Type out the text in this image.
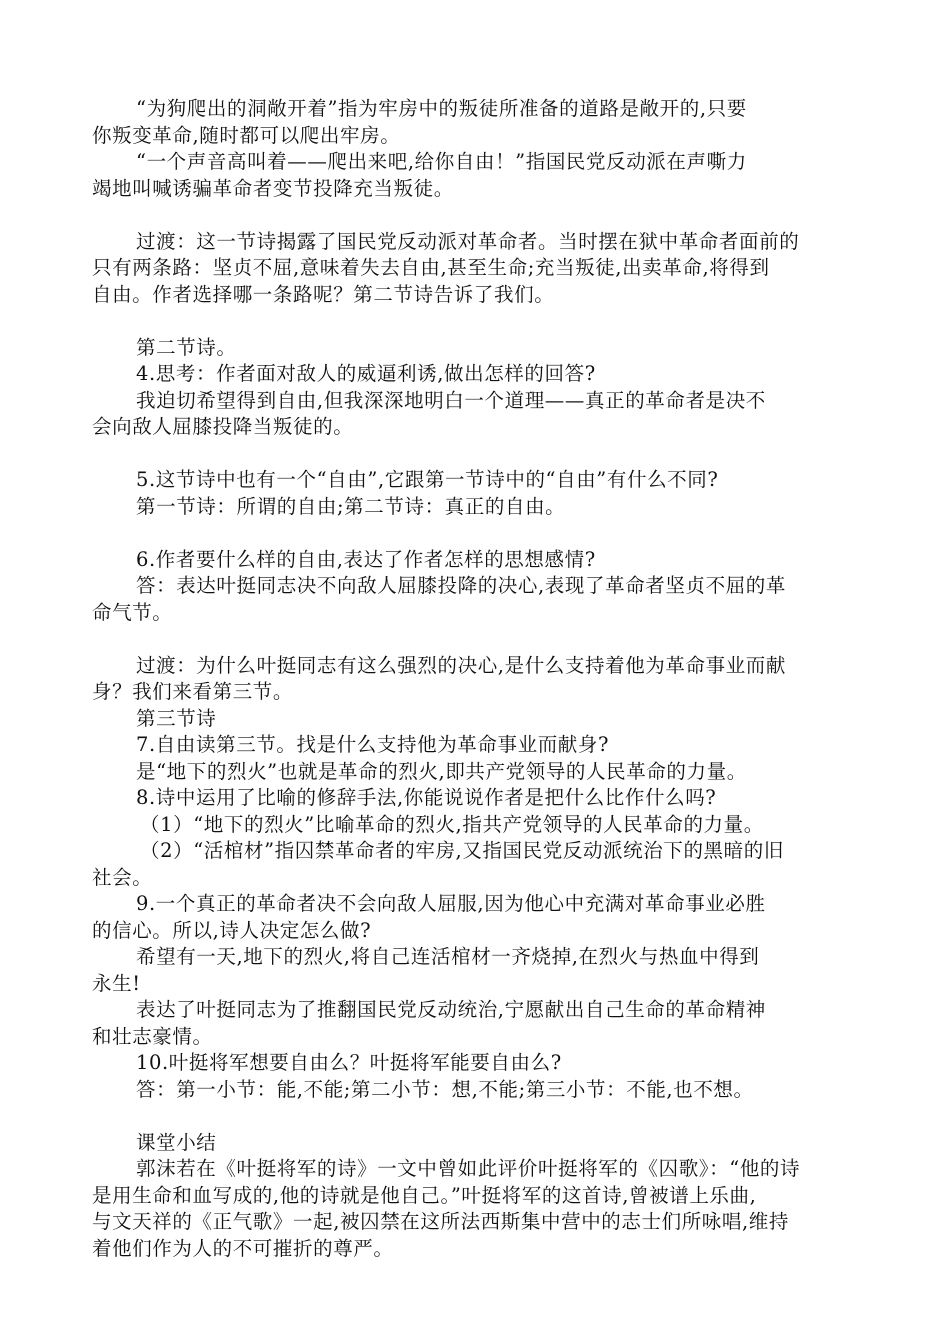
“为狗爬出的洞敞开着”指为牢房中的叛徒所准备的道路是敞开的,只要
你叛变革命,随时都可以爬出牢房。
“一个声音高叫着——爬出来吧,给你自由！”指国民党反动派在声嘶力
竭地叫喊诱骗革命者变节投降充当叛徒。
过渡：这一节诗揭露了国民党反动派对革命者。当时摆在狱中革命者面前的
只有两条路：坚贞不屈,意味着失去自由,甚至生命;充当叛徒,出卖革命,将得到
自由。作者选择哪一条路呢？第二节诗告诉了我们。
第二节诗。
4.思考：作者面对敌人的威逼利诱,做出怎样的回答?
我迫切希望得到自由,但我深深地明白一个道理——真正的革命者是决不
会向敌人屈膝投降当叛徒的。
5.这节诗中也有一个“自由”,它跟第一节诗中的“自由”有什么不同?
第一节诗：所谓的自由;第二节诗：真正的自由。
6.作者要什么样的自由,表达了作者怎样的思想感情?
答：表达叶挺同志决不向敌人屈膝投降的决心,表现了革命者坚贞不屈的革
命气节。
过渡：为什么叶挺同志有这么强烈的决心,是什么支持着他为革命事业而献
身？我们来看第三节。
第三节诗
7.自由读第三节。找是什么支持他为革命事业而献身?
是“地下的烈火”也就是革命的烈火,即共产党领导的人民革命的力量。
8.诗中运用了比喻的修辞手法,你能说说作者是把什么比作什么吗?
（1）“地下的烈火”比喻革命的烈火,指共产党领导的人民革命的力量。
（2）“活棺材”指囚禁革命者的牢房,又指国民党反动派统治下的黑暗的旧
社会。
9.一个真正的革命者决不会向敌人屈服,因为他心中充满对革命事业必胜
的信心。所以,诗人决定怎么做?
希望有一天,地下的烈火,将自己连活棺材一齐烧掉,在烈火与热血中得到
永生!
表达了叶挺同志为了推翻国民党反动统治,宁愿献出自己生命的革命精神
和壮志豪情。
10.叶挺将军想要自由么？叶挺将军能要自由么?
答：第一小节：能,不能;第二小节：想,不能;第三小节：不能,也不想。
课堂小结
郭沫若在《叶挺将军的诗》一文中曾如此评价叶挺将军的《囚歌》：“他的诗
是用生命和血写成的,他的诗就是他自己。”叶挺将军的这首诗,曾被谱上乐曲,
与文天祥的《正气歌》一起,被囚禁在这所法西斯集中营中的志士们所咏唱,维持
着他们作为人的不可摧折的尊严。
